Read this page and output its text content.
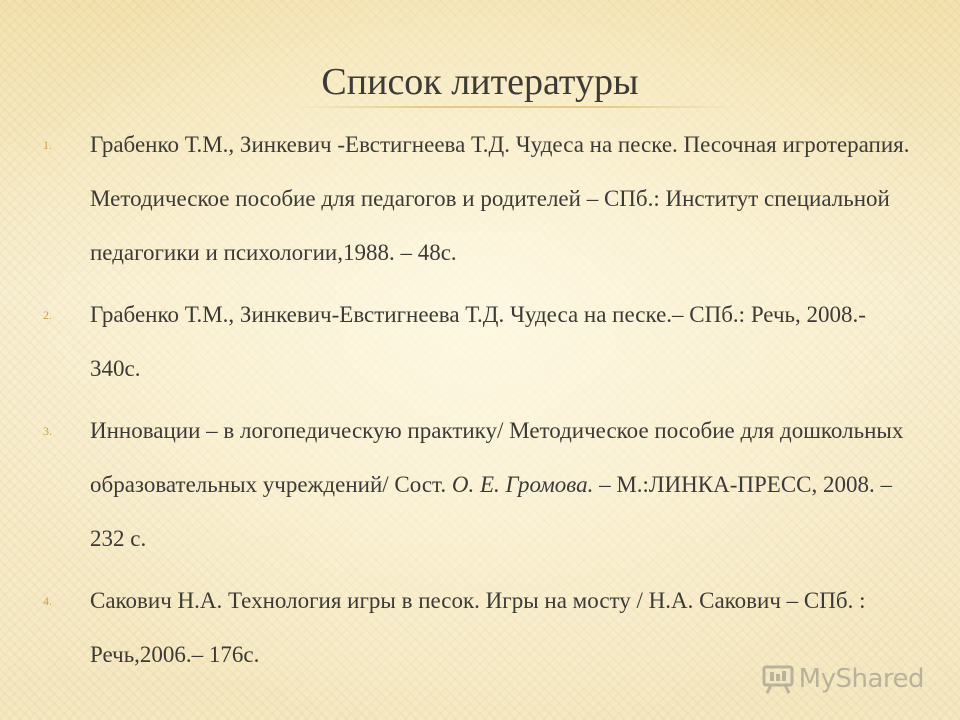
Список литературы
1. Грабенко Т.М., Зинкевич -Евстигнеева Т.Д. Чудеса на песке. Песочная игротерапия. Методическое пособие для педагогов и родителей – СПб.: Институт специальной педагогики и психологии,1988. – 48с.
2. Грабенко Т.М., Зинкевич-Евстигнеева Т.Д. Чудеса на песке.– СПб.: Речь, 2008.- 340с.
3. Инновации – в логопедическую практику/ Методическое пособие для дошкольных образовательных учреждений/ Сост. О. Е. Громова. – М.:ЛИНКА-ПРЕСС, 2008. – 232 с.
4. Сакович Н.А. Технология игры в песок. Игры на мосту / Н.А. Сакович – СПб. : Речь,2006.– 176с.
MyShared
